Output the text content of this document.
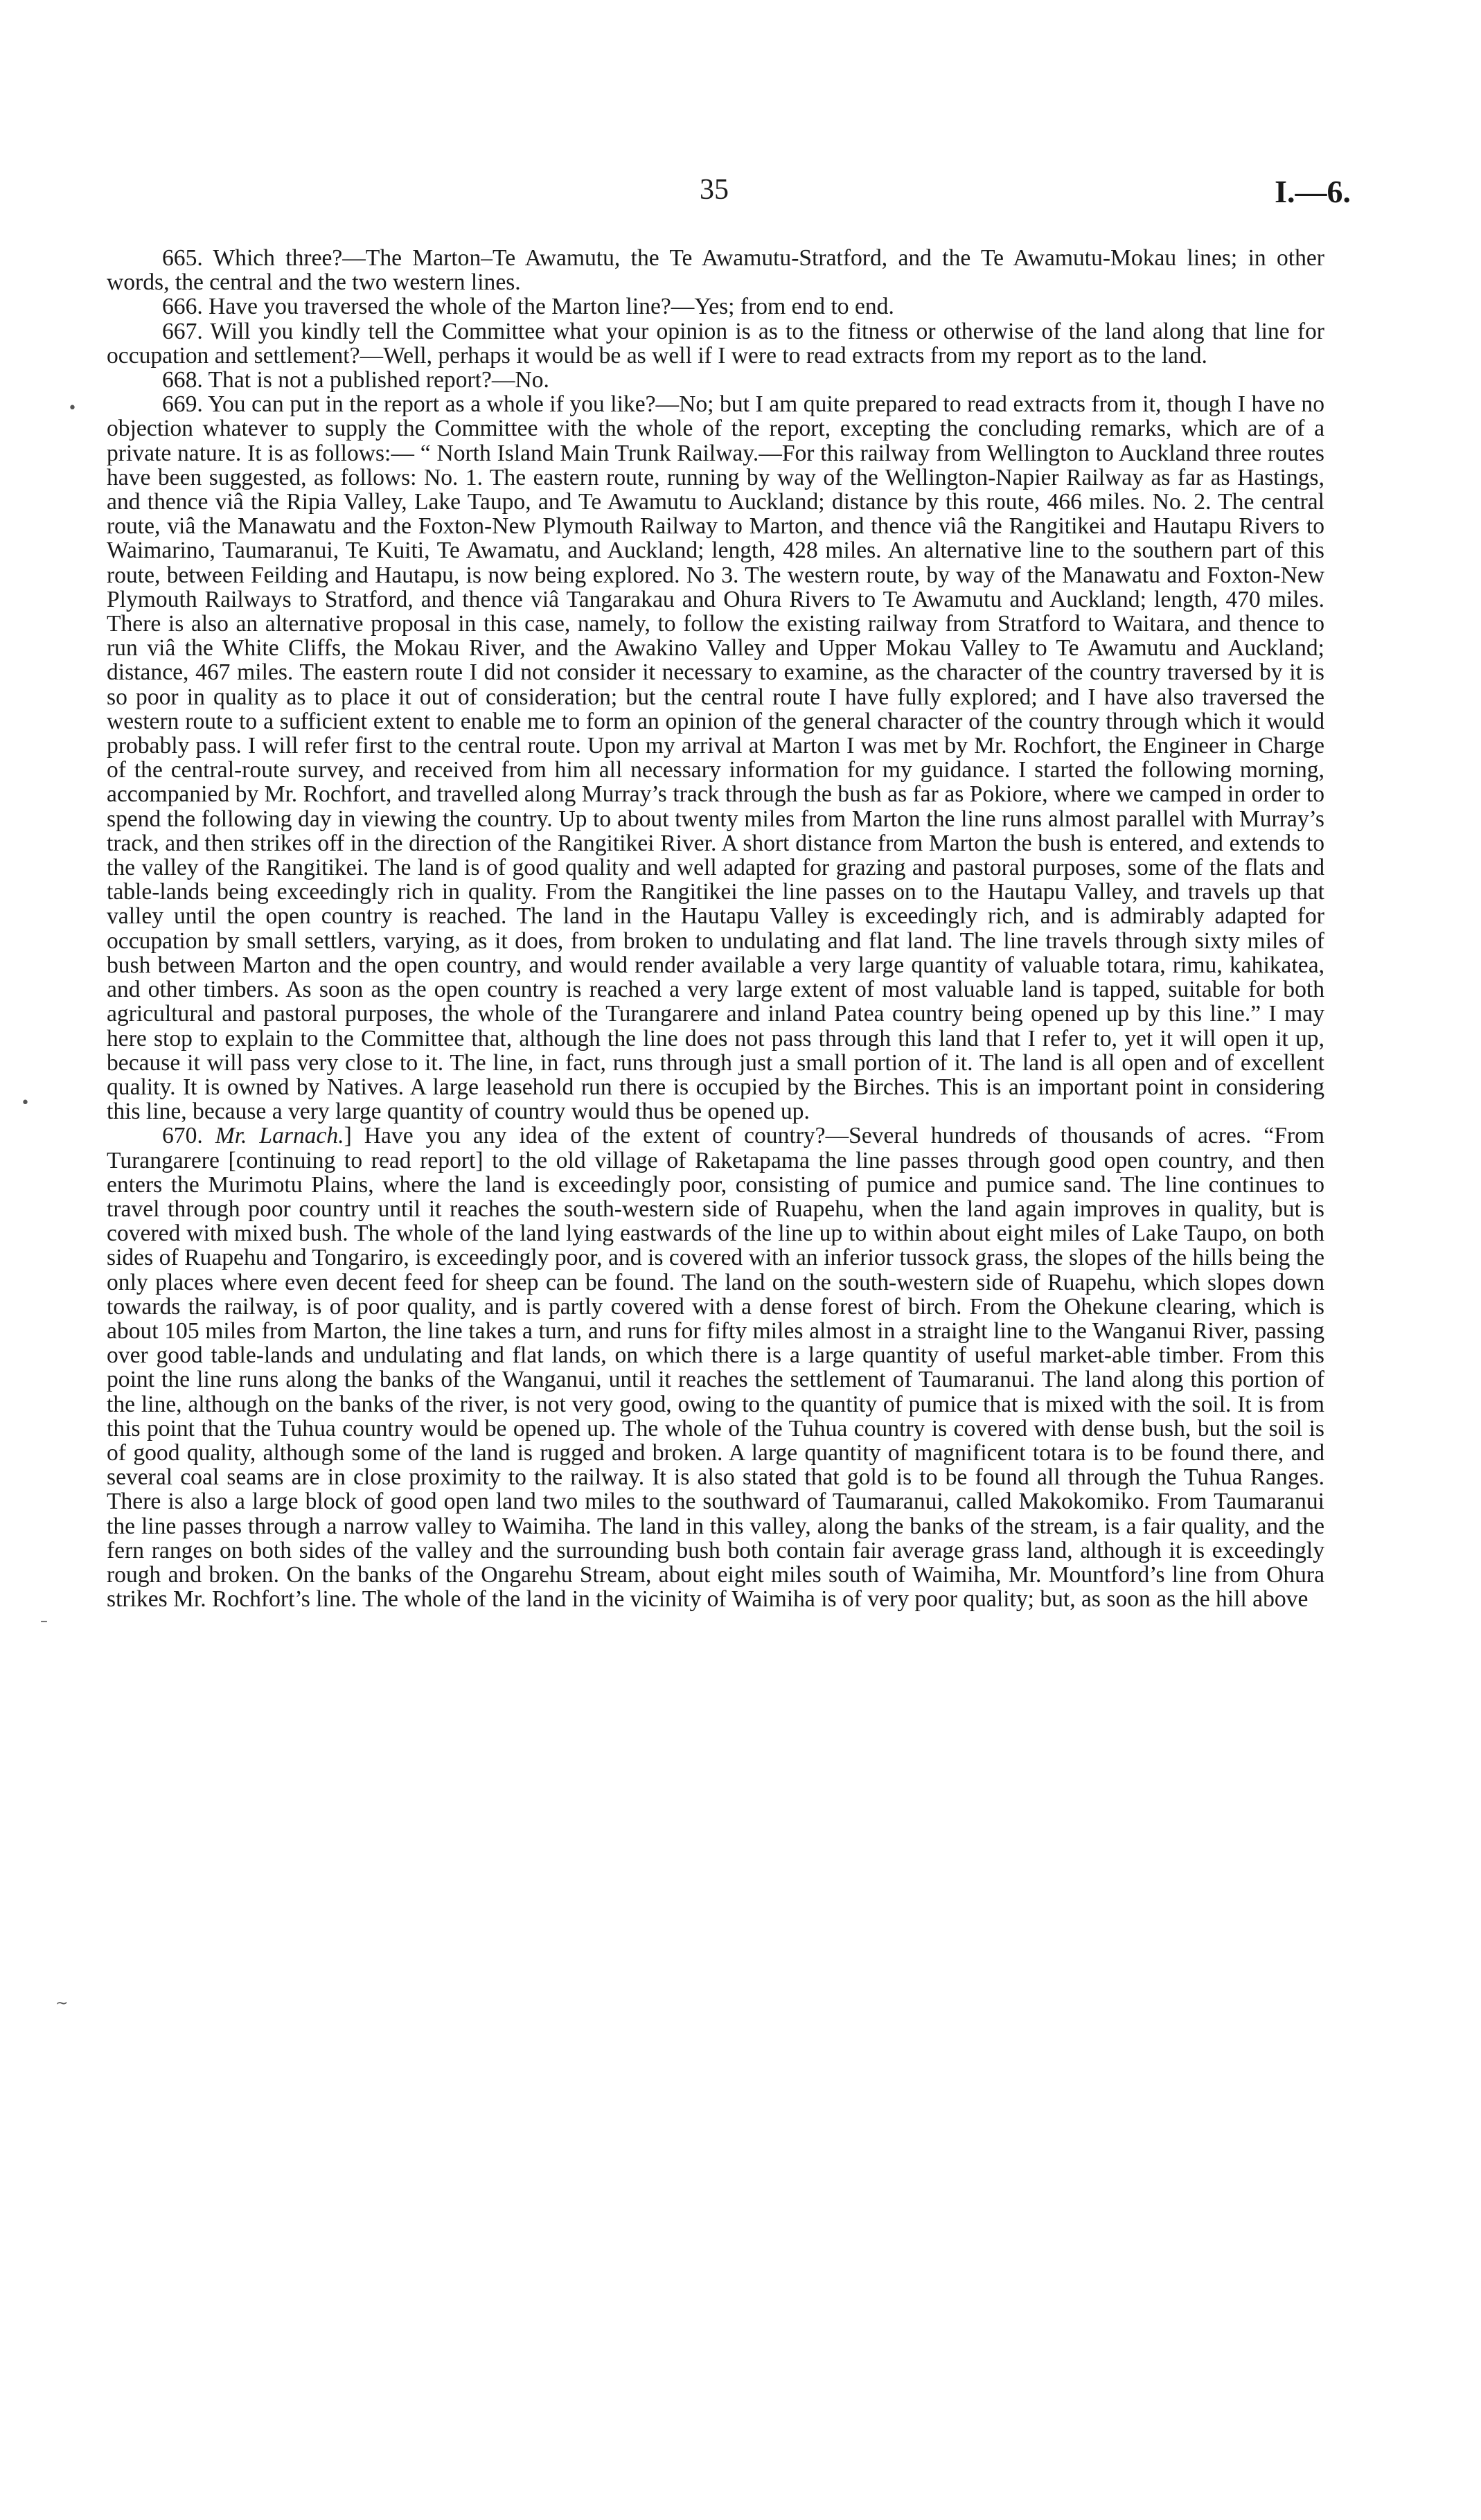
35	I.—6.

665. Which three?—The Marton–Te Awamutu, the Te Awamutu-Stratford, and the Te Awamutu-Mokau lines; in other words, the central and the two western lines.

666. Have you traversed the whole of the Marton line?—Yes; from end to end.

667. Will you kindly tell the Committee what your opinion is as to the fitness or otherwise of the land along that line for occupation and settlement?—Well, perhaps it would be as well if I were to read extracts from my report as to the land.

668. That is not a published report?—No.

669. You can put in the report as a whole if you like?—No; but I am quite prepared to read extracts from it, though I have no objection whatever to supply the Committee with the whole of the report, excepting the concluding remarks, which are of a private nature. It is as follows:— “ North Island Main Trunk Railway.—For this railway from Wellington to Auckland three routes have been suggested, as follows: No. 1. The eastern route, running by way of the Wellington-Napier Railway as far as Hastings, and thence viâ the Ripia Valley, Lake Taupo, and Te Awamutu to Auckland; distance by this route, 466 miles. No. 2. The central route, viâ the Manawatu and the Foxton-New Plymouth Railway to Marton, and thence viâ the Rangitikei and Hautapu Rivers to Waimarino, Taumaranui, Te Kuiti, Te Awamatu, and Auckland; length, 428 miles. An alternative line to the southern part of this route, between Feilding and Hautapu, is now being explored. No 3. The western route, by way of the Manawatu and Foxton-New Plymouth Railways to Stratford, and thence viâ Tangarakau and Ohura Rivers to Te Awamutu and Auckland; length, 470 miles. There is also an alternative proposal in this case, namely, to follow the existing railway from Stratford to Waitara, and thence to run viâ the White Cliffs, the Mokau River, and the Awakino Valley and Upper Mokau Valley to Te Awamutu and Auckland; distance, 467 miles. The eastern route I did not consider it necessary to examine, as the character of the country traversed by it is so poor in quality as to place it out of consideration; but the central route I have fully explored; and I have also traversed the western route to a sufficient extent to enable me to form an opinion of the general character of the country through which it would probably pass. I will refer first to the central route. Upon my arrival at Marton I was met by Mr. Rochfort, the Engineer in Charge of the central-route survey, and received from him all necessary information for my guidance. I started the following morning, accompanied by Mr. Rochfort, and travelled along Murray’s track through the bush as far as Pokiore, where we camped in order to spend the following day in viewing the country. Up to about twenty miles from Marton the line runs almost parallel with Murray’s track, and then strikes off in the direction of the Rangitikei River. A short distance from Marton the bush is entered, and extends to the valley of the Rangitikei. The land is of good quality and well adapted for grazing and pastoral purposes, some of the flats and table-lands being exceedingly rich in quality. From the Rangitikei the line passes on to the Hautapu Valley, and travels up that valley until the open country is reached. The land in the Hautapu Valley is exceedingly rich, and is admirably adapted for occupation by small settlers, varying, as it does, from broken to undulating and flat land. The line travels through sixty miles of bush between Marton and the open country, and would render available a very large quantity of valuable totara, rimu, kahikatea, and other timbers. As soon as the open country is reached a very large extent of most valuable land is tapped, suitable for both agricultural and pastoral purposes, the whole of the Turangarere and inland Patea country being opened up by this line.” I may here stop to explain to the Committee that, although the line does not pass through this land that I refer to, yet it will open it up, because it will pass very close to it. The line, in fact, runs through just a small portion of it. The land is all open and of excellent quality. It is owned by Natives. A large leasehold run there is occupied by the Birches. This is an important point in considering this line, because a very large quantity of country would thus be opened up.

670. Mr. Larnach.] Have you any idea of the extent of country?—Several hundreds of thousands of acres. “From Turangarere [continuing to read report] to the old village of Raketapama the line passes through good open country, and then enters the Murimotu Plains, where the land is exceedingly poor, consisting of pumice and pumice sand. The line continues to travel through poor country until it reaches the south-western side of Ruapehu, when the land again improves in quality, but is covered with mixed bush. The whole of the land lying eastwards of the line up to within about eight miles of Lake Taupo, on both sides of Ruapehu and Tongariro, is exceedingly poor, and is covered with an inferior tussock grass, the slopes of the hills being the only places where even decent feed for sheep can be found. The land on the south-western side of Ruapehu, which slopes down towards the railway, is of poor quality, and is partly covered with a dense forest of birch. From the Ohekune clearing, which is about 105 miles from Marton, the line takes a turn, and runs for fifty miles almost in a straight line to the Wanganui River, passing over good table-lands and undulating and flat lands, on which there is a large quantity of useful market-able timber. From this point the line runs along the banks of the Wanganui, until it reaches the settlement of Taumaranui. The land along this portion of the line, although on the banks of the river, is not very good, owing to the quantity of pumice that is mixed with the soil. It is from this point that the Tuhua country would be opened up. The whole of the Tuhua country is covered with dense bush, but the soil is of good quality, although some of the land is rugged and broken. A large quantity of magnificent totara is to be found there, and several coal seams are in close proximity to the railway. It is also stated that gold is to be found all through the Tuhua Ranges. There is also a large block of good open land two miles to the southward of Taumaranui, called Makokomiko. From Taumaranui the line passes through a narrow valley to Waimiha. The land in this valley, along the banks of the stream, is a fair quality, and the fern ranges on both sides of the valley and the surrounding bush both contain fair average grass land, although it is exceedingly rough and broken. On the banks of the Ongarehu Stream, about eight miles south of Waimiha, Mr. Mountford’s line from Ohura strikes Mr. Rochfort’s line. The whole of the land in the vicinity of Waimiha is of very poor quality; but, as soon as the hill above

•
•
–
~
